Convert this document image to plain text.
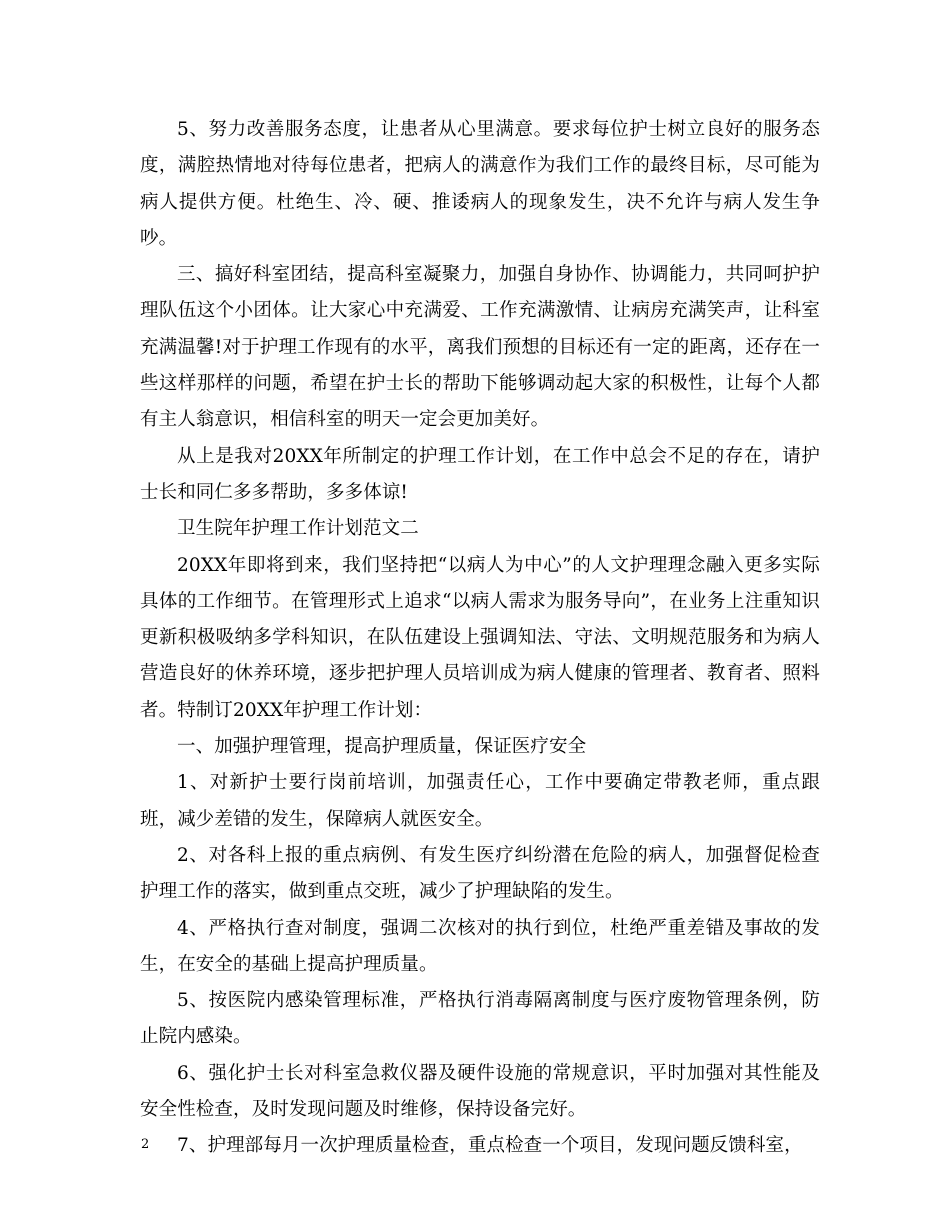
5、努力改善服务态度，让患者从心里满意。要求每位护士树立良好的服务态度，满腔热情地对待每位患者，把病人的满意作为我们工作的最终目标，尽可能为病人提供方便。杜绝生、冷、硬、推诿病人的现象发生，决不允许与病人发生争吵。

三、搞好科室团结，提高科室凝聚力，加强自身协作、协调能力，共同呵护护理队伍这个小团体。让大家心中充满爱、工作充满激情、让病房充满笑声，让科室充满温馨!对于护理工作现有的水平，离我们预想的目标还有一定的距离，还存在一些这样那样的问题，希望在护士长的帮助下能够调动起大家的积极性，让每个人都有主人翁意识，相信科室的明天一定会更加美好。

从上是我对20XX年所制定的护理工作计划，在工作中总会不足的存在，请护士长和同仁多多帮助，多多体谅!

卫生院年护理工作计划范文二

20XX年即将到来，我们坚持把“以病人为中心”的人文护理理念融入更多实际具体的工作细节。在管理形式上追求“以病人需求为服务导向”，在业务上注重知识更新积极吸纳多学科知识，在队伍建设上强调知法、守法、文明规范服务和为病人营造良好的休养环境，逐步把护理人员培训成为病人健康的管理者、教育者、照料者。特制订20XX年护理工作计划：

一、加强护理管理，提高护理质量，保证医疗安全

1、对新护士要行岗前培训，加强责任心，工作中要确定带教老师，重点跟班，减少差错的发生，保障病人就医安全。

2、对各科上报的重点病例、有发生医疗纠纷潜在危险的病人，加强督促检查护理工作的落实，做到重点交班，减少了护理缺陷的发生。

4、严格执行查对制度，强调二次核对的执行到位，杜绝严重差错及事故的发生，在安全的基础上提高护理质量。

5、按医院内感染管理标准，严格执行消毒隔离制度与医疗废物管理条例，防止院内感染。

6、强化护士长对科室急救仪器及硬件设施的常规意识，平时加强对其性能及安全性检查，及时发现问题及时维修，保持设备完好。

7、护理部每月一次护理质量检查，重点检查一个项目，发现问题反馈科室，

2
